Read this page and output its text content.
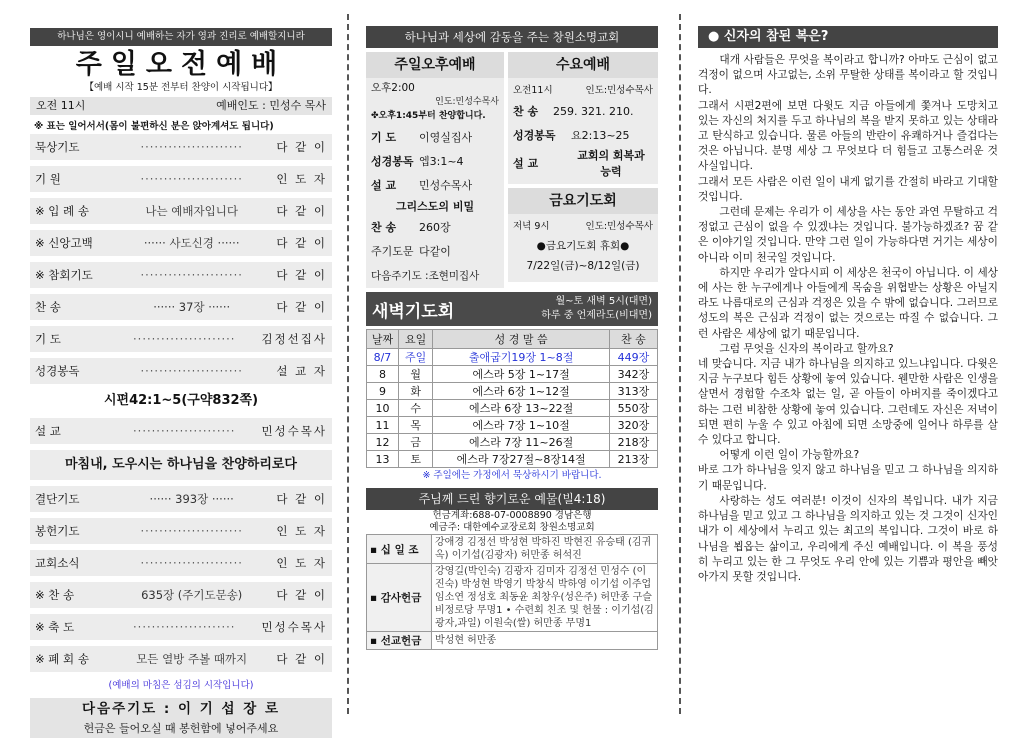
하나님은 영이시니 예배하는 자가 영과 진리로 예배할지니라
주일오전예배
【예배 시작 15분 전부터 찬양이 시작됩니다】
오전 11시	예배인도 : 민성수 목사
※ 표는 일어서서(몸이 불편하신 분은 앉아계셔도 됩니다)
묵상기도	······················	다 같 이
기 원	······················	인 도 자
※ 입 례 송	나는 예배자입니다	다 같 이
※ 신앙고백	······ 사도신경 ······	다 같 이
※ 참회기도	······················	다 같 이
찬 송	······ 37장 ······	다 같 이
기 도	······················	김정선집사
성경봉독	······················	설 교 자
시편42:1~5(구약832쪽)
설 교	······················	민성수목사
마침내, 도우시는 하나님을 찬양하리로다
결단기도	······ 393장 ······	다 같 이
봉헌기도	······················	인 도 자
교회소식	······················	인 도 자
※ 찬 송	635장 (주기도문송)	다 같 이
※ 축 도	······················	민성수목사
※ 폐 회 송	모든 열방 주볼 때까지	다 같 이
(예배의 마침은 섬김의 시작입니다)
다음주기도 : 이 기 섭 장 로
헌금은 들어오실 때 봉헌함에 넣어주세요
하나님과 세상에 감동을 주는 창원소명교회
주일오후예배
오후2:00
인도:민성수목사
✤오후1:45부터 찬양합니다.
기 도	이영실집사
성경봉독 엡3:1~4
설 교	민성수목사
그리스도의 비밀
찬 송	260장
주기도문 다같이
다음주기도 : 조현미집사
수요예배
오전11시	인도:민성수목사
찬 송	259. 321. 210.
성경봉독	요2:13~25
설 교
교회의 회복과 능력
금요기도회
저녁 9시	인도:민성수목사
●금요기도회 휴회●
7/22일(금)~8/12일(금)
새벽기도회	월~토 새벽 5시(대면)
하루 중 언제라도(비대면)
날짜	요일	성 경 말 씀	찬 송
8/7	주일	출애굽기19장 1~8절	449장
8	월	에스라 5장 1~17절	342장
9	화	에스라 6장 1~12절	313장
10	수	에스라 6장 13~22절	550장
11	목	에스라 7장 1~10절	320장
12	금	에스라 7장 11~26절	218장
13	토	에스라 7장27절~8장14절	213장
※ 주일에는 가정에서 묵상하시기 바랍니다.
주님께 드린 향기로운 예물(빌4:18)
헌금계좌:688-07-0008890 경남은행
예금주: 대한예수교장로회 창원소명교회
▪ 십 일 조	강애경 김정선 박성현 박하진 박현진 유승태 (김귀옥) 이기섭(김광자) 허만종 허석진
▪ 감사헌금	강영길(박인숙) 김광자 김미자 김정선 민성수 (이진숙) 박성현 박영기 박창식 박하영 이기섭 이주업 임소연 정성호 최동윤 최창우(성은주) 허만종 구슬비정로당 무명1 • 수련회 친조 및 헌물 : 이기섭(김광자,과일) 이원숙(쌀) 허만종 무명1
▪ 선교헌금	박성현 허만종
● 신자의 참된 복은?

대개 사람들은 무엇을 복이라고 합니까? 아마도 근심이 없고 걱정이 없으며 사고없는, 소위 무탈한 상태를 복이라고 할 것입니다.

그래서 시편2편에 보면 다윗도 지금 아들에게 쫓겨나 도망치고 있는 자신의 처지를 두고 하나님의 복을 받지 못하고 있는 상태라고 탄식하고 있습니다. 물론 아들의 반란이 유쾌하거나 즐겁다는 것은 아닙니다. 분명 세상 그 무엇보다 더 힘들고 고통스러운 것 사실입니다.

그래서 모든 사람은 이런 일이 내게 없기를 간절히 바라고 기대할 것입니다.

그런데 문제는 우리가 이 세상을 사는 동안 과연 무탈하고 걱정없고 근심이 없을 수 있겠냐는 것입니다. 불가능하겠죠? 꿈 같은 이야기일 것입니다. 만약 그런 일이 가능하다면 거기는 세상이 아니라 이미 천국일 것입니다.

하지만 우리가 알다시피 이 세상은 천국이 아닙니다. 이 세상에 사는 한 누구에게나 아들에게 목숨을 위협받는 상황은 아닐지라도 나름대로의 근심과 걱정은 있을 수 밖에 없습니다. 그러므로 성도의 복은 근심과 걱정이 없는 것으로는 따질 수 없습니다. 그런 사람은 세상에 없기 때문입니다.

그럼 무엇을 신자의 복이라고 할까요?

네 맞습니다. 지금 내가 하나님을 의지하고 있느냐입니다. 다윗은 지금 누구보다 힘든 상황에 놓여 있습니다. 웬만한 사람은 인생을 살면서 경험할 수조차 없는 일, 곧 아들이 아버지를 죽이겠다고 하는 그런 비참한 상황에 놓여 있습니다. 그런데도 자신은 저녁이 되면 편히 누울 수 있고 아침에 되면 소망중에 일어나 하루를 살 수 있다고 합니다.

어떻게 이런 일이 가능할까요?

바로 그가 하나님을 잊지 않고 하나님을 믿고 그 하나님을 의지하기 때문입니다.

사랑하는 성도 여러분! 이것이 신자의 복입니다. 내가 지금 하나님을 믿고 있고 그 하나님을 의지하고 있는 것 그것이 신자인 내가 이 세상에서 누리고 있는 최고의 복입니다. 그것이 바로 하나님을 뵙옵는 삶이고, 우리에게 주신 예배입니다. 이 복을 풍성히 누리고 있는 한 그 무엇도 우리 안에 있는 기쁨과 평안을 빼앗아가지 못할 것입니다.
